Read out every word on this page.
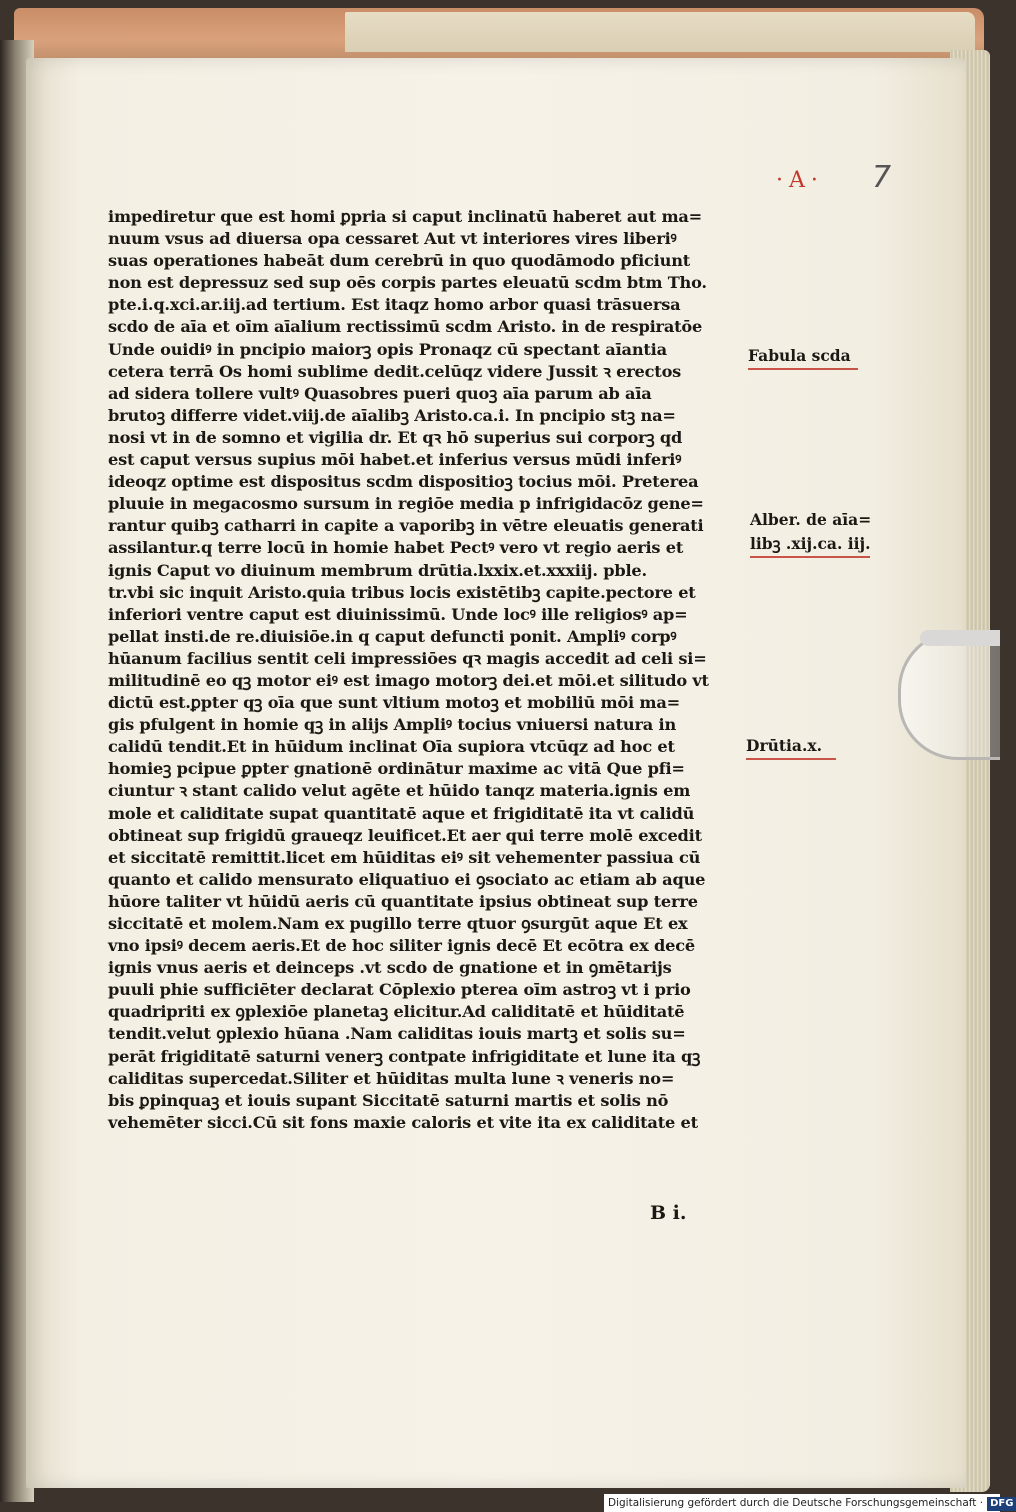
·A· 7
impediretur que est homi ꝑpria si caput inclinatū haberet aut ma=
nuum vsus ad diuersa opa cessaret Aut vt interiores vires liberiꝰ
suas operationes habeāt dum cerebrū in quo quodāmodo pficiunt
non est depressuz sed sup oēs corpis partes eleuatū scdm btm Tho.
pte.i.q.xci.ar.iij.ad tertium. Est itaqz homo arbor quasi trāsuersa
scdo de aīa et oīm aīalium rectissimū scdm Aristo. in de respiratōe
Unde ouidiꝰ in pncipio maiorꝫ opis Pronaqz cū spectant aīantia
cetera terrā Os homi sublime dedit.celūqz videre Jussit ꝛ erectos
ad sidera tollere vultꝰ Quasobres pueri quoꝫ aīa parum ab aīa
brutoꝫ differre videt.viij.de aīalibꝫ Aristo.ca.i. In pncipio stꝫ na=
nosi vt in de somno et vigilia dr. Et qꝛ hō superius sui corporꝫ qd
est caput versus supius mōi habet.et inferius versus mūdi inferiꝰ
ideoqz optime est dispositus scdm dispositioꝫ tocius mōi. Preterea
pluuie in megacosmo sursum in regiōe media p infrigidacōz gene=
rantur quibꝫ catharri in capite a vaporibꝫ in vētre eleuatis generati
assilantur.q terre locū in homie habet Pectꝰ vero vt regio aeris et
ignis Caput vo diuinum membrum drūtia.lxxix.et.xxxiij. pble.
tr.vbi sic inquit Aristo.quia tribus locis existētibꝫ capite.pectore et
inferiori ventre caput est diuinissimū. Unde locꝰ ille religiosꝰ ap=
pellat insti.de re.diuisiōe.in q caput defuncti ponit. Ampliꝰ corpꝰ
hūanum facilius sentit celi impressiōes qꝛ magis accedit ad celi si=
militudinē eo qꝫ motor eiꝰ est imago motorꝫ dei.et mōi.et silitudo vt
dictū est.ꝑpter qꝫ oīa que sunt vltium motoꝫ et mobiliū mōi ma=
gis pfulgent in homie qꝫ in alijs Ampliꝰ tocius vniuersi natura in
calidū tendit.Et in hūidum inclinat Oīa supiora vtcūqz ad hoc et
homieꝫ pcipue ꝑpter gnationē ordinātur maxime ac vitā Que pfi=
ciuntur ꝛ stant calido velut agēte et hūido tanqz materia.ignis em
mole et caliditate supat quantitatē aque et frigiditatē ita vt calidū
obtineat sup frigidū graueqz leuificet.Et aer qui terre molē excedit
et siccitatē remittit.licet em hūiditas eiꝰ sit vehementer passiua cū
quanto et calido mensurato eliquatiuo ei ꝯsociato ac etiam ab aque
hūore taliter vt hūidū aeris cū quantitate ipsius obtineat sup terre
siccitatē et molem.Nam ex pugillo terre qtuor ꝯsurgūt aque Et ex
vno ipsiꝰ decem aeris.Et de hoc siliter ignis decē Et ecōtra ex decē
ignis vnus aeris et deinceps .vt scdo de gnatione et in ꝯmētarijs
puuli phie sufficiēter declarat Cōplexio pterea oīm astroꝫ vt i prio
quadripriti ex ꝯplexiōe planetaꝫ elicitur.Ad caliditatē et hūiditatē
tendit.velut ꝯplexio hūana .Nam caliditas iouis martꝫ et solis su=
perāt frigiditatē saturni venerꝫ contpate infrigiditate et lune ita qꝫ
caliditas supercedat.Siliter et hūiditas multa lune ꝛ veneris no=
bis ꝑpinquaꝫ et iouis supant Siccitatē saturni martis et solis nō
vehemēter sicci.Cū sit fons maxie caloris et vite ita ex caliditate et
B i.
Fabula scda
Alber. de aīa=
libꝫ .xij.ca. iij.
Drūtia.x.
Digitalisierung gefördert durch die Deutsche Forschungsgemeinschaft · DFG
